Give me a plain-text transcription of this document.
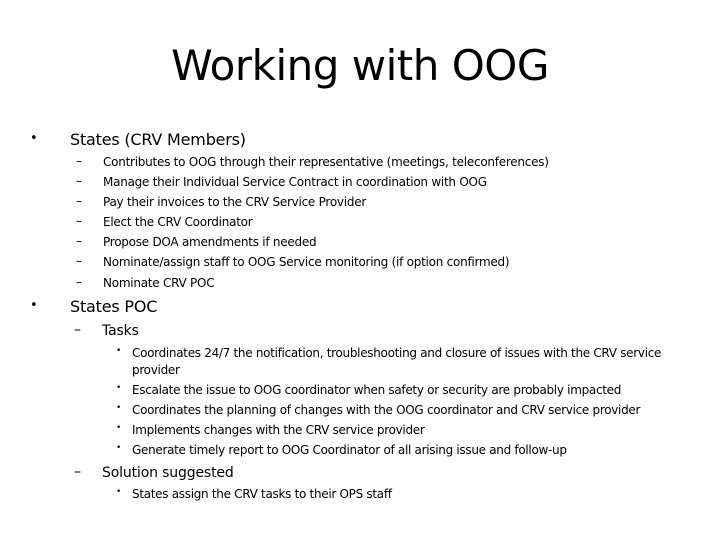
Working with OOG
• States (CRV Members)
– Contributes to OOG through their representative (meetings, teleconferences)
– Manage their Individual Service Contract in coordination with OOG
– Pay their invoices to the CRV Service Provider
– Elect the CRV Coordinator
– Propose DOA amendments if needed
– Nominate/assign staff to OOG Service monitoring (if option confirmed)
– Nominate CRV POC
• States POC
– Tasks
• Coordinates 24/7 the notification, troubleshooting and closure of issues with the CRV service provider
• Escalate the issue to OOG coordinator when safety or security are probably impacted
• Coordinates the planning of changes with the OOG coordinator and CRV service provider
• Implements changes with the CRV service provider
• Generate timely report to OOG Coordinator of all arising issue and follow-up
– Solution suggested
• States assign the CRV tasks to their OPS staff
